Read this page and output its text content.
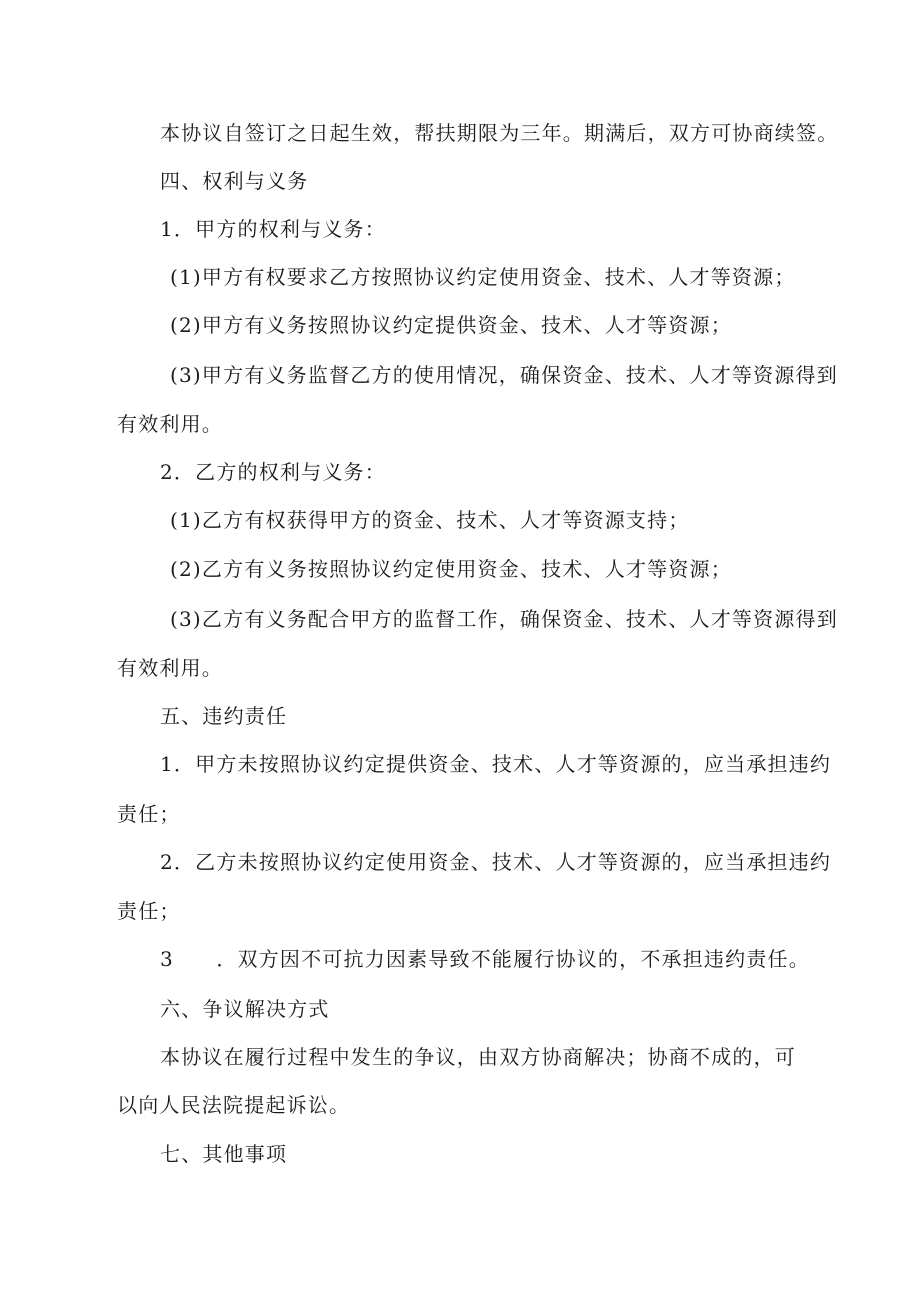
本协议自签订之日起生效，帮扶期限为三年。期满后，双方可协商续签。
四、权利与义务
1．甲方的权利与义务：
(1)甲方有权要求乙方按照协议约定使用资金、技术、人才等资源；
(2)甲方有义务按照协议约定提供资金、技术、人才等资源；
(3)甲方有义务监督乙方的使用情况，确保资金、技术、人才等资源得到
有效利用。
2．乙方的权利与义务：
(1)乙方有权获得甲方的资金、技术、人才等资源支持；
(2)乙方有义务按照协议约定使用资金、技术、人才等资源；
(3)乙方有义务配合甲方的监督工作，确保资金、技术、人才等资源得到
有效利用。
五、违约责任
1．甲方未按照协议约定提供资金、技术、人才等资源的，应当承担违约
责任；
2．乙方未按照协议约定使用资金、技术、人才等资源的，应当承担违约
责任；
3　　．双方因不可抗力因素导致不能履行协议的，不承担违约责任。
六、争议解决方式
本协议在履行过程中发生的争议，由双方协商解决；协商不成的，可
以向人民法院提起诉讼。
七、其他事项
